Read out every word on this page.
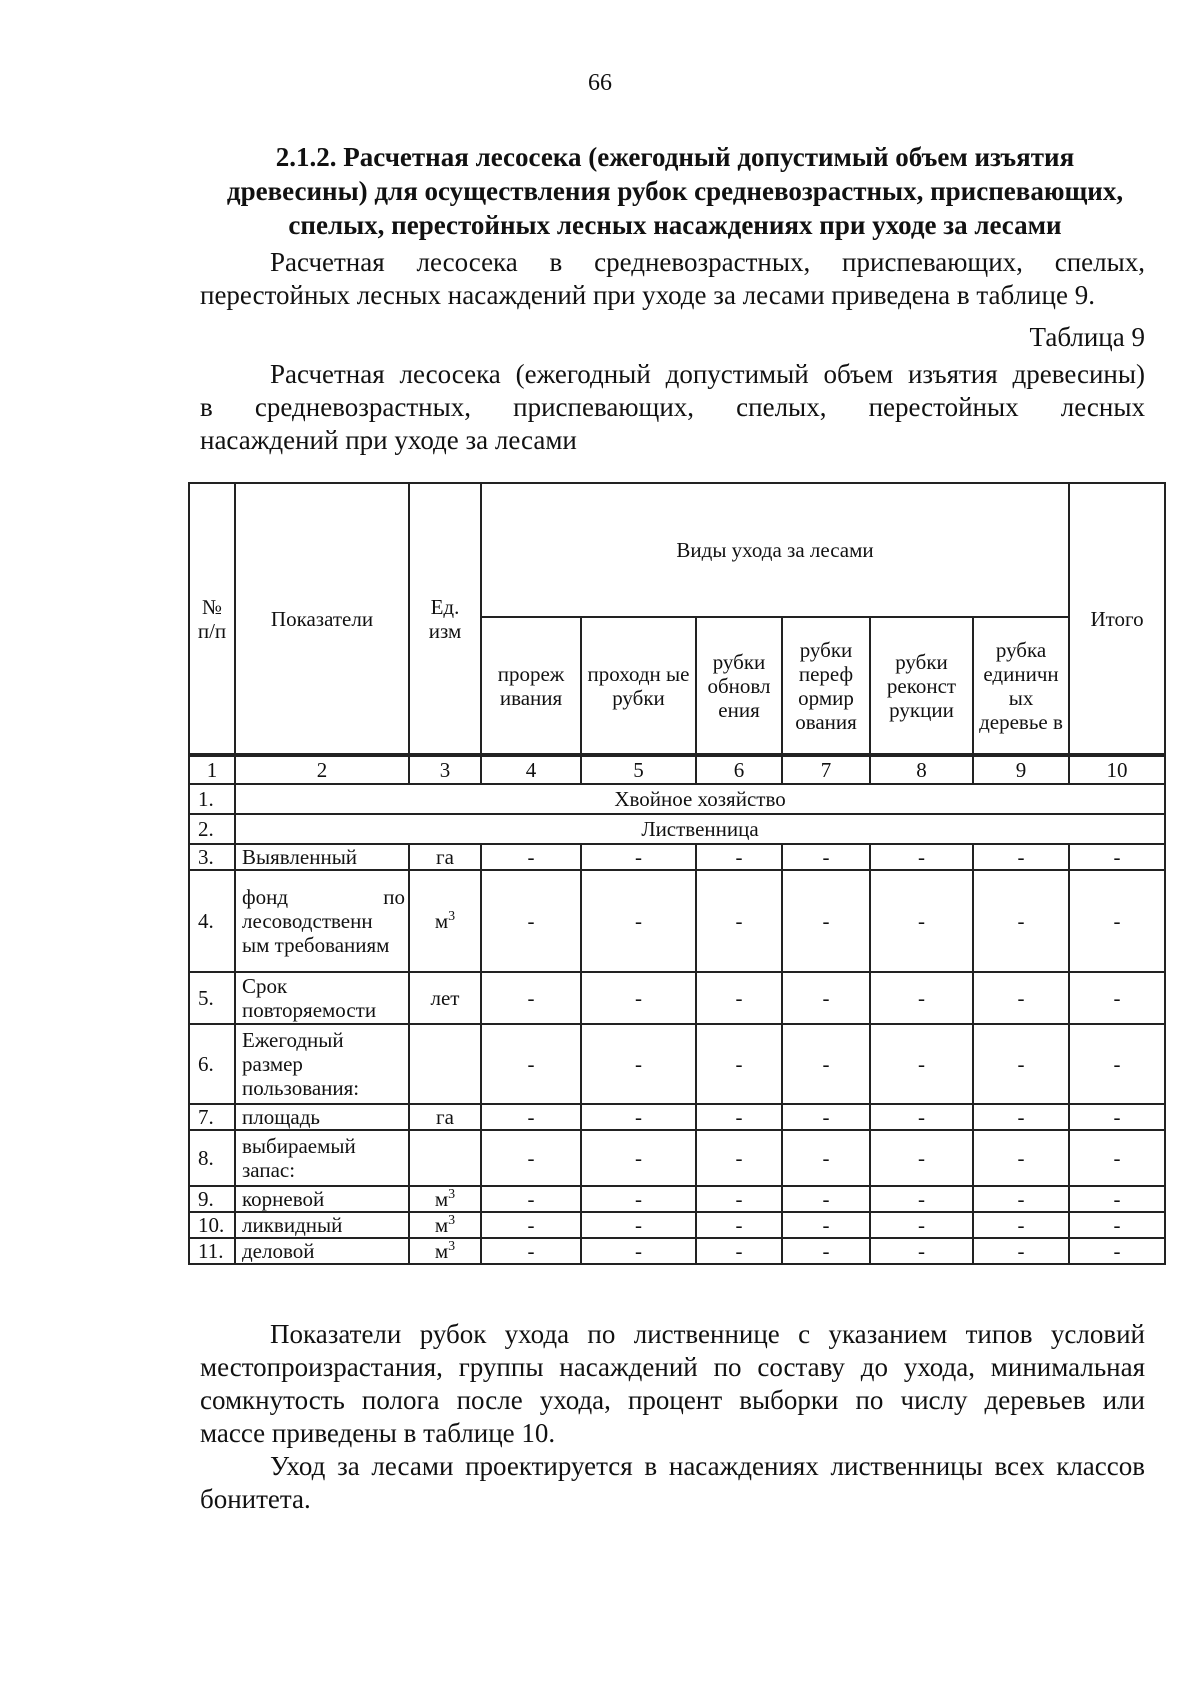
66
2.1.2. Расчетная лесосека (ежегодный допустимый объем изъятия
древесины) для осуществления рубок средневозрастных, приспевающих,
спелых, перестойных лесных насаждениях при уходе за лесами
Расчетная лесосека в средневозрастных, приспевающих, спелых,
перестойных лесных насаждений при уходе за лесами приведена в таблице 9.
Таблица 9
Расчетная лесосека (ежегодный допустимый объем изъятия древесины)
в средневозрастных, приспевающих, спелых, перестойных лесных
насаждений при уходе за лесами
№ п/п	Показатели	Ед. изм	Виды ухода за лесами						Итого
			прореж ивания	проходн ые рубки	рубки обновл ения	рубки переф ормир ования	рубки реконст рукции	рубка единичн ых деревье в	
1	2	3	4	5	6	7	8	9	10
1.	Хвойное хозяйство								
2.	Лиственница								
3.	Выявленный	га	-	-	-	-	-	-	-
4.	фонд по лесоводственн ым требованиям	$м^3$	-	-	-	-	-	-	-
5.	Срок повторяемости	лет	-	-	-	-	-	-	-
6.	Ежегодный размер пользования:		-	-	-	-	-	-	-
7.	площадь	га	-	-	-	-	-	-	-
8.	выбираемый запас:		-	-	-	-	-	-	-
9.	корневой	$м^3$	-	-	-	-	-	-	-
10.	ликвидный	$м^3$	-	-	-	-	-	-	-
11.	деловой	$м^3$	-	-	-	-	-	-	-
Показатели рубок ухода по лиственнице с указанием типов условий
местопроизрастания, группы насаждений по составу до ухода, минимальная
сомкнутость полога после ухода, процент выборки по числу деревьев или
массе приведены в таблице 10.
Уход за лесами проектируется в насаждениях лиственницы всех классов
бонитета.
